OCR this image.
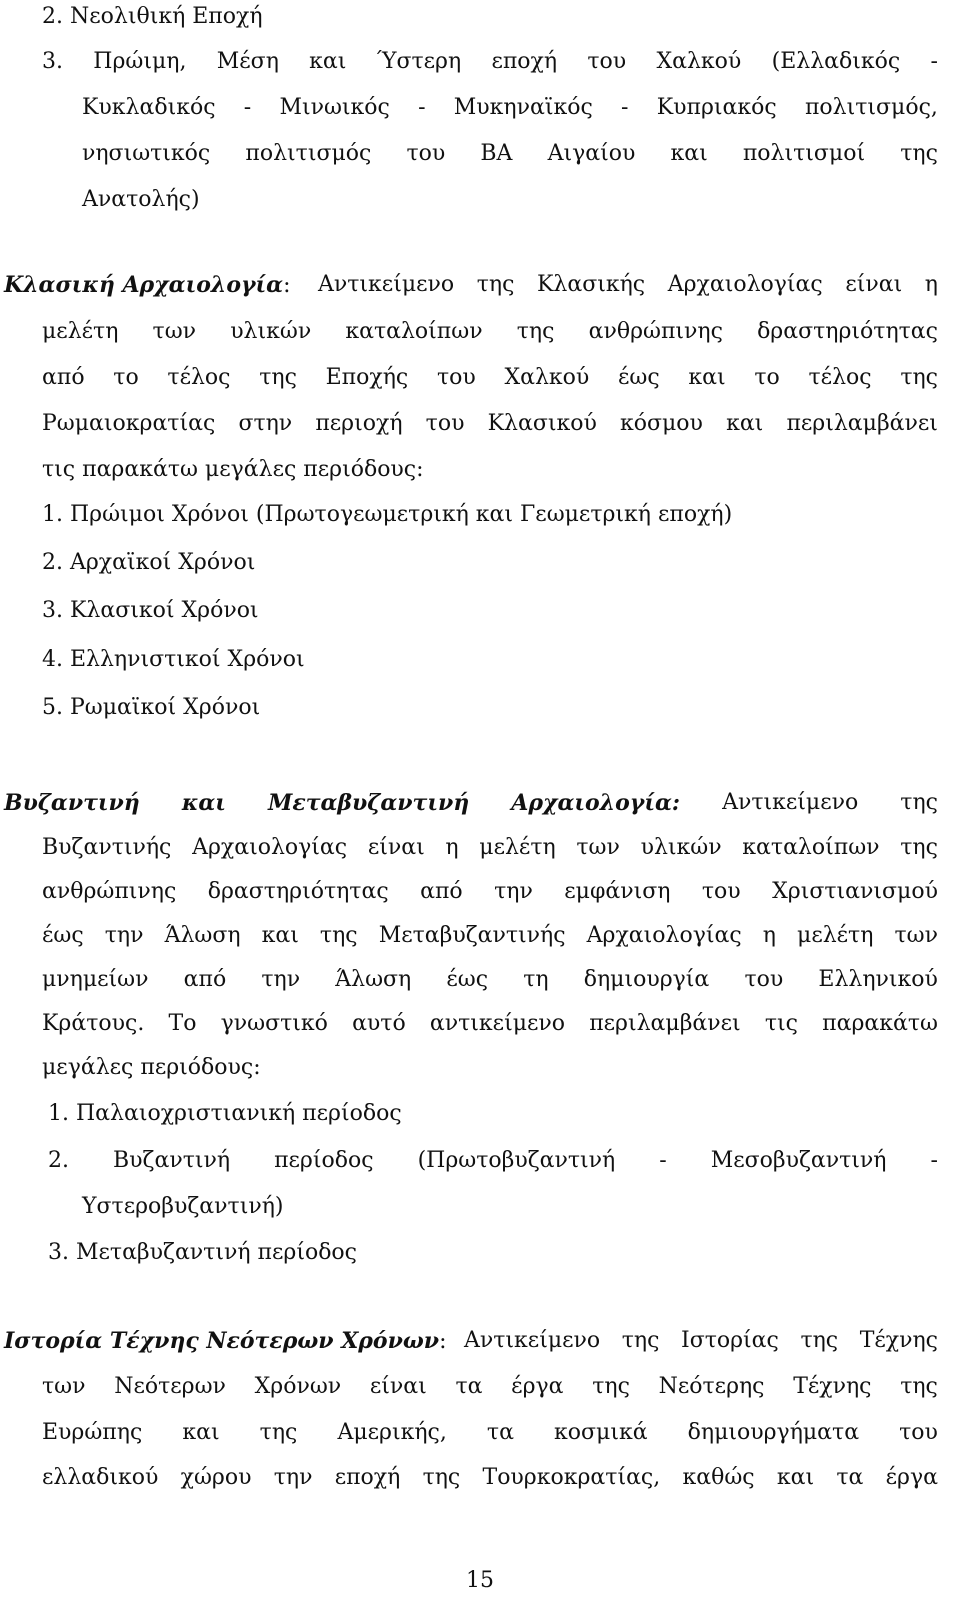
2. Νεολιθική Εποχή
3. Πρώιμη, Μέση και Ύστερη εποχή του Χαλκού (Ελλαδικός -
Κυκλαδικός - Μινωικός - Μυκηναϊκός - Κυπριακός πολιτισμός,
νησιωτικός πολιτισμός του ΒΑ Αιγαίου και πολιτισμοί της
Ανατολής)
Κλασική Αρχαιολογία: Αντικείμενο της Κλασικής Αρχαιολογίας είναι η
μελέτη των υλικών καταλοίπων της ανθρώπινης δραστηριότητας
από το τέλος της Εποχής του Χαλκού έως και το τέλος της
Ρωμαιοκρατίας στην περιοχή του Κλασικού κόσμου και περιλαμβάνει
τις παρακάτω μεγάλες περιόδους:
1. Πρώιμοι Χρόνοι (Πρωτογεωμετρική και Γεωμετρική εποχή)
2. Αρχαϊκοί Χρόνοι
3. Κλασικοί Χρόνοι
4. Ελληνιστικοί Χρόνοι
5. Ρωμαϊκοί Χρόνοι
Βυζαντινή και Μεταβυζαντινή Αρχαιολογία: Αντικείμενο της
Βυζαντινής Αρχαιολογίας είναι η μελέτη των υλικών καταλοίπων της
ανθρώπινης δραστηριότητας από την εμφάνιση του Χριστιανισμού
έως την Άλωση και της Μεταβυζαντινής Αρχαιολογίας η μελέτη των
μνημείων από την Άλωση έως τη δημιουργία του Ελληνικού
Κράτους. Το γνωστικό αυτό αντικείμενο περιλαμβάνει τις παρακάτω
μεγάλες περιόδους:
1. Παλαιοχριστιανική περίοδος
2. Βυζαντινή περίοδος (Πρωτοβυζαντινή - Μεσοβυζαντινή -
Υστεροβυζαντινή)
3. Μεταβυζαντινή περίοδος
Ιστορία Τέχνης Νεότερων Χρόνων: Αντικείμενο της Ιστορίας της Τέχνης
των Νεότερων Χρόνων είναι τα έργα της Νεότερης Τέχνης της
Ευρώπης και της Αμερικής, τα κοσμικά δημιουργήματα του
ελλαδικού χώρου την εποχή της Τουρκοκρατίας, καθώς και τα έργα
15
